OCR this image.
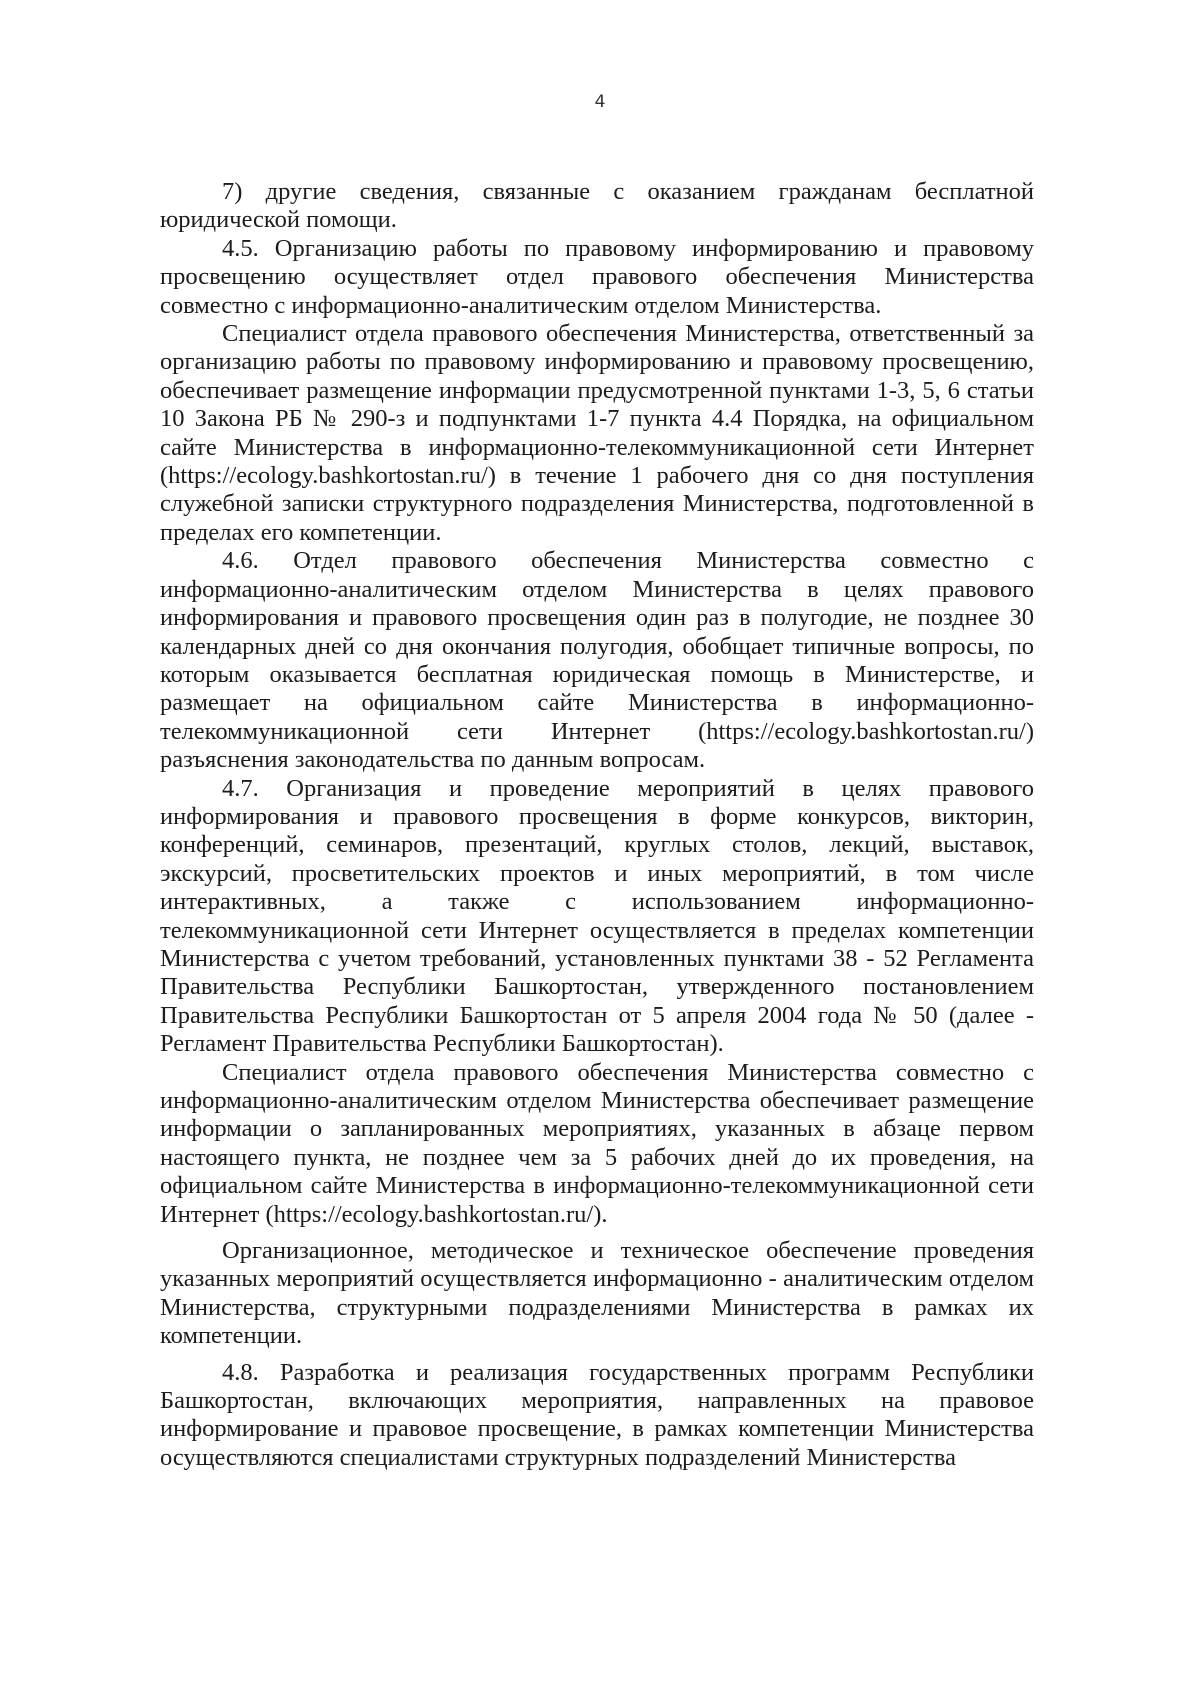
4

7) другие сведения, связанные с оказанием гражданам бесплатной юридической помощи.

4.5. Организацию работы по правовому информированию и правовому просвещению осуществляет отдел правового обеспечения Министерства совместно с информационно-аналитическим отделом Министерства.

Специалист отдела правового обеспечения Министерства, ответственный за организацию работы по правовому информированию и правовому просвещению, обеспечивает размещение информации предусмотренной пунктами 1-3, 5, 6 статьи 10 Закона РБ № 290-з и подпунктами 1-7 пункта 4.4 Порядка, на официальном сайте Министерства в информационно-телекоммуникационной сети Интернет (https://ecology.bashkortostan.ru/) в течение 1 рабочего дня со дня поступления служебной записки структурного подразделения Министерства, подготовленной в пределах его компетенции.

4.6. Отдел правового обеспечения Министерства совместно с информационно-аналитическим отделом Министерства в целях правового информирования и правового просвещения один раз в полугодие, не позднее 30 календарных дней со дня окончания полугодия, обобщает типичные вопросы, по которым оказывается бесплатная юридическая помощь в Министерстве, и размещает на официальном сайте Министерства в информационно-телекоммуникационной сети Интернет (https://ecology.bashkortostan.ru/) разъяснения законодательства по данным вопросам.

4.7. Организация и проведение мероприятий в целях правового информирования и правового просвещения в форме конкурсов, викторин, конференций, семинаров, презентаций, круглых столов, лекций, выставок, экскурсий, просветительских проектов и иных мероприятий, в том числе интерактивных, а также с использованием информационно-телекоммуникационной сети Интернет осуществляется в пределах компетенции Министерства с учетом требований, установленных пунктами 38 - 52 Регламента Правительства Республики Башкортостан, утвержденного постановлением Правительства Республики Башкортостан от 5 апреля 2004 года № 50 (далее - Регламент Правительства Республики Башкортостан).

Специалист отдела правового обеспечения Министерства совместно с информационно-аналитическим отделом Министерства обеспечивает размещение информации о запланированных мероприятиях, указанных в абзаце первом настоящего пункта, не позднее чем за 5 рабочих дней до их проведения, на официальном сайте Министерства в информационно-телекоммуникационной сети Интернет (https://ecology.bashkortostan.ru/).

Организационное, методическое и техническое обеспечение проведения указанных мероприятий осуществляется информационно - аналитическим отделом Министерства, структурными подразделениями Министерства в рамках их компетенции.

4.8. Разработка и реализация государственных программ Республики Башкортостан, включающих мероприятия, направленных на правовое информирование и правовое просвещение, в рамках компетенции Министерства осуществляются специалистами структурных подразделений Министерства
